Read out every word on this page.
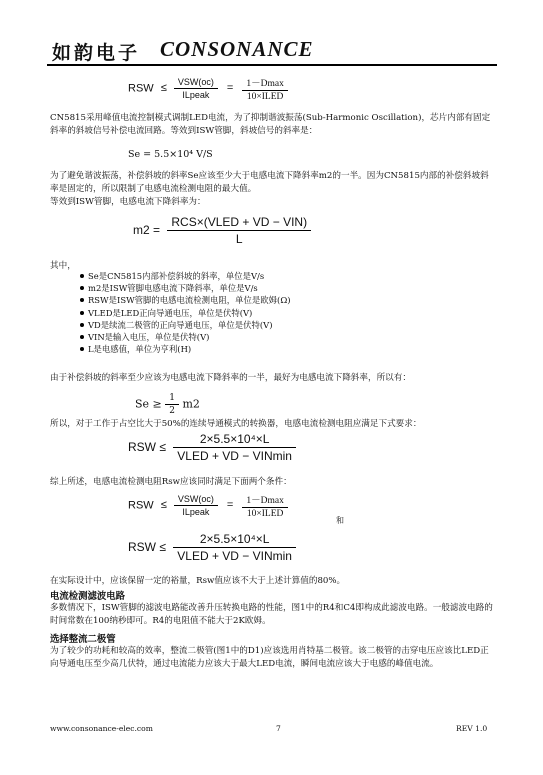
如韵电子 CONSONANCE
RSW ≤ $\frac{\text{VSW(oc)}}{\text{ILpeak}} = \frac{1-Dmax}{\text{10×ILED}}$
CN5815采用峰值电流控制模式调制LED电流，为了抑制谐波振荡(Sub-Harmonic Oscillation)，芯片内部有固定斜率的斜坡信号补偿电流回路。等效到ISW管脚，斜坡信号的斜率是：
Se = 5.5×10⁴ V/S
为了避免谐波振荡，补偿斜坡的斜率Se应该至少大于电感电流下降斜率m2的一半。因为CN5815内部的补偿斜坡斜率是固定的，所以限制了电感电流检测电阻的最大值。
等效到ISW管脚，电感电流下降斜率为：
$m2 = \frac{\text{RCS×(VLED + VD − VIN)}}{L}$
其中，
Se是CN5815内部补偿斜坡的斜率，单位是V/s
m2是ISW管脚电感电流下降斜率，单位是V/s
RSW是ISW管脚的电感电流检测电阻，单位是欧姆(Ω)
VLED是LED正向导通电压，单位是伏特(V)
VD是续流二极管的正向导通电压，单位是伏特(V)
VIN是输入电压，单位是伏特(V)
L是电感值，单位为亨利(H)
由于补偿斜坡的斜率至少应该为电感电流下降斜率的一半，最好为电感电流下降斜率，所以有：
$Se \ge \frac{1}{2} m2$
所以，对于工作于占空比大于50%的连续导通模式的转换器，电感电流检测电阻应满足下式要求：
RSW ≤ $\frac{\text{2×5.5×10⁴×L}}{\text{VLED + VD − VINmin}}$
综上所述，电感电流检测电阻Rsw应该同时满足下面两个条件：
RSW ≤ $\frac{\text{VSW(oc)}}{\text{ILpeak}} = \frac{1-Dmax}{\text{10×ILED}}$
和
RSW ≤ $\frac{\text{2×5.5×10⁴×L}}{\text{VLED + VD − VINmin}}$
在实际设计中，应该保留一定的裕量，Rsw值应该不大于上述计算值的80%。
电流检测滤波电路
多数情况下，ISW管脚的滤波电路能改善升压转换电路的性能，图1中的R4和C4即构成此滤波电路。一般滤波电路的时间常数在100纳秒即可。R4的电阻值不能大于2K欧姆。
选择整流二极管
为了较少的功耗和较高的效率，整流二极管(图1中的D1)应该选用肖特基二极管。该二极管的击穿电压应该比LED正向导通电压至少高几伏特，通过电流能力应该大于最大LED电流，瞬间电流应该大于电感的峰值电流。
www.consonance-elec.com	7	REV 1.0
